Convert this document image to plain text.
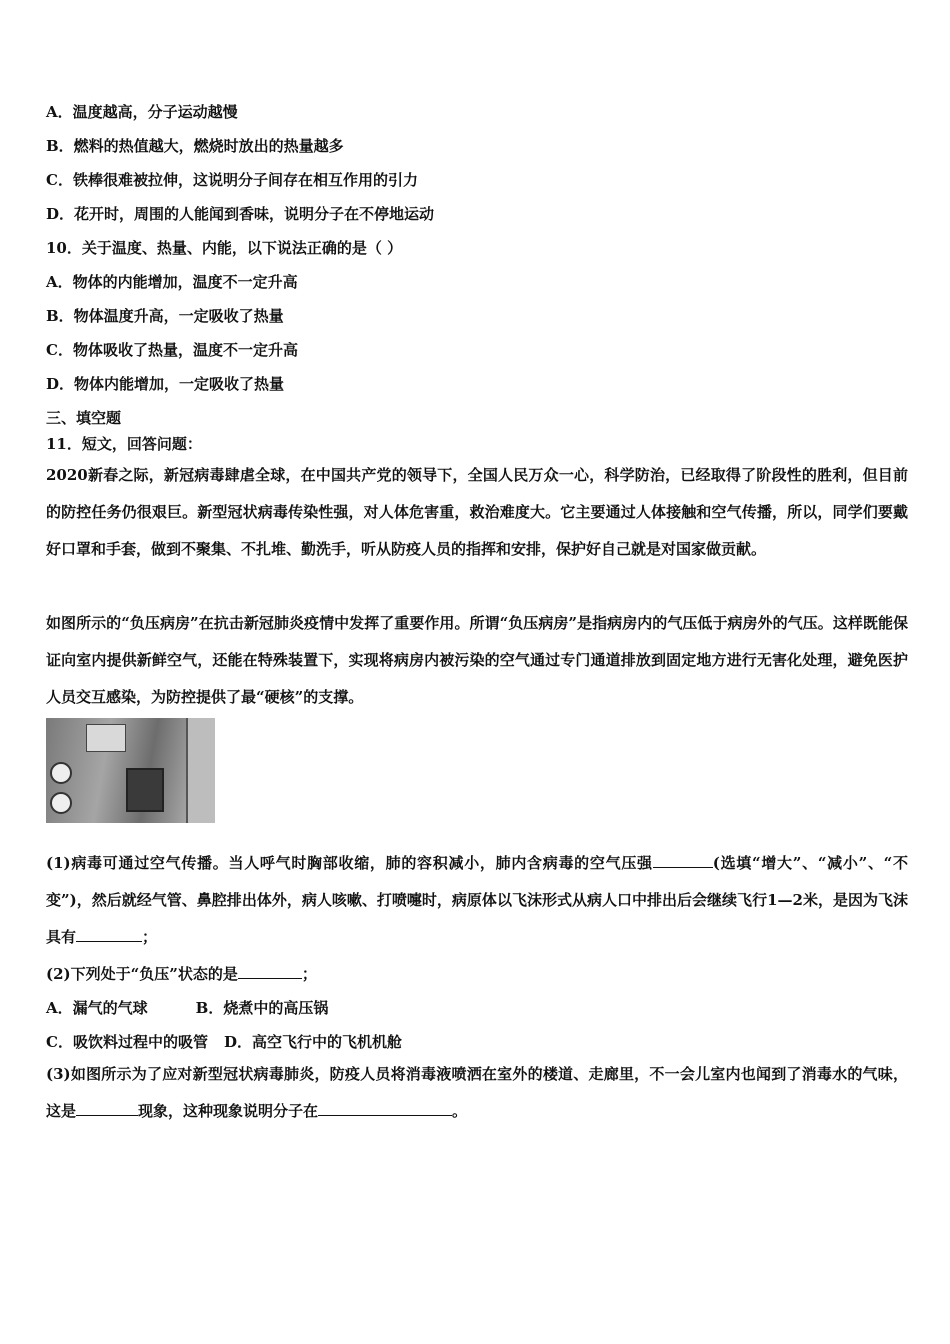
A．温度越高，分子运动越慢
B．燃料的热值越大，燃烧时放出的热量越多
C．铁棒很难被拉伸，这说明分子间存在相互作用的引力
D．花开时，周围的人能闻到香味，说明分子在不停地运动
10．关于温度、热量、内能，以下说法正确的是（ ）
A．物体的内能增加，温度不一定升高
B．物体温度升高，一定吸收了热量
C．物体吸收了热量，温度不一定升高
D．物体内能增加，一定吸收了热量
三、填空题
11．短文，回答问题：
2020新春之际，新冠病毒肆虐全球，在中国共产党的领导下，全国人民万众一心，科学防治，已经取得了阶段性的胜利，但目前的防控任务仍很艰巨。新型冠状病毒传染性强，对人体危害重，救治难度大。它主要通过人体接触和空气传播，所以，同学们要戴好口罩和手套，做到不聚集、不扎堆、勤洗手，听从防疫人员的指挥和安排，保护好自己就是对国家做贡献。
如图所示的“负压病房”在抗击新冠肺炎疫情中发挥了重要作用。所谓“负压病房”是指病房内的气压低于病房外的气压。这样既能保证向室内提供新鲜空气，还能在特殊装置下，实现将病房内被污染的空气通过专门通道排放到固定地方进行无害化处理，避免医护人员交互感染，为防控提供了最“硬核”的支撑。
(1)病毒可通过空气传播。当人呼气时胸部收缩，肺的容积减小，肺内含病毒的空气压强	(选填“增大”、“减小”、“不变”)，然后就经气管、鼻腔排出体外，病人咳嗽、打喷嚏时，病原体以飞沫形式从病人口中排出后会继续飞行1—2米，是因为飞沫具有	；
(2)下列处于“负压”状态的是	；
A．漏气的气球	B．烧煮中的高压锅
C．吸饮料过程中的吸管 D．高空飞行中的飞机机舱
(3)如图所示为了应对新型冠状病毒肺炎，防疫人员将消毒液喷洒在室外的楼道、走廊里，不一会儿室内也闻到了消毒水的气味，这是	现象，这种现象说明分子在	。
